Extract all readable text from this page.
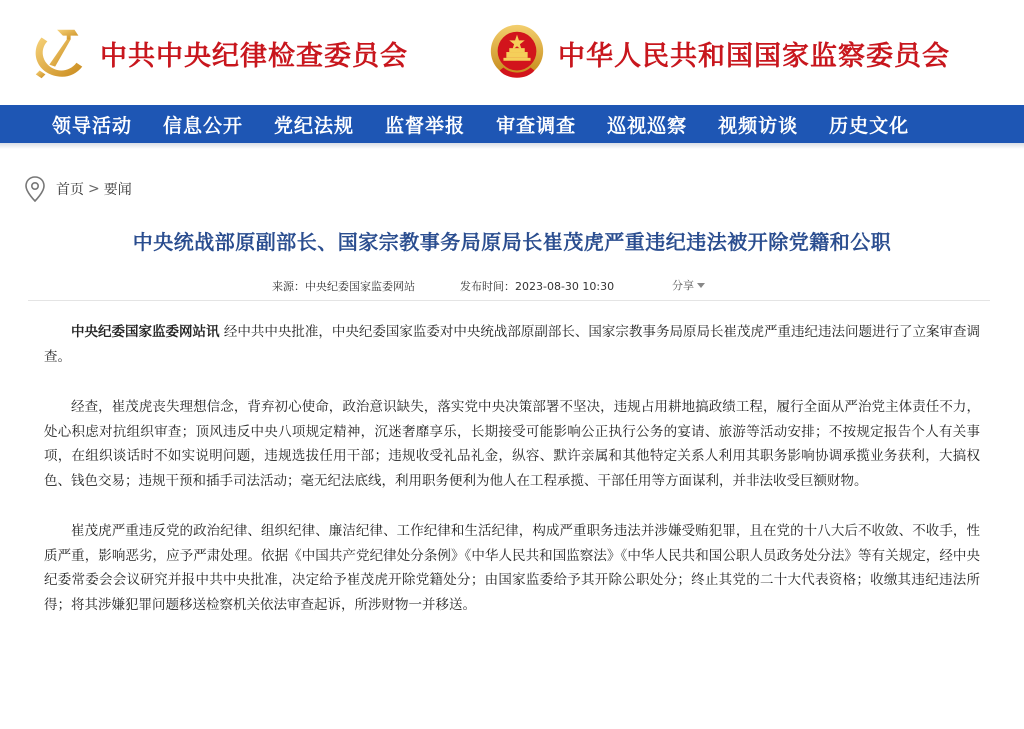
中共中央纪律检查委员会	中华人民共和国国家监察委员会
领导活动 信息公开 党纪法规 监督举报 审查调查 巡视巡察 视频访谈 历史文化
首页 > 要闻
中央统战部原副部长、国家宗教事务局原局长崔茂虎严重违纪违法被开除党籍和公职
来源：中央纪委国家监委网站	发布时间：2023-08-30 10:30	分享

中央纪委国家监委网站讯 经中共中央批准，中央纪委国家监委对中央统战部原副部长、国家宗教事务局原局长崔茂虎严重违纪违法问题进行了立案审查调查。

经查，崔茂虎丧失理想信念，背弃初心使命，政治意识缺失，落实党中央决策部署不坚决，违规占用耕地搞政绩工程，履行全面从严治党主体责任不力，处心积虑对抗组织审查；顶风违反中央八项规定精神，沉迷奢靡享乐，长期接受可能影响公正执行公务的宴请、旅游等活动安排；不按规定报告个人有关事项，在组织谈话时不如实说明问题，违规选拔任用干部；违规收受礼品礼金，纵容、默许亲属和其他特定关系人利用其职务影响协调承揽业务获利，大搞权色、钱色交易；违规干预和插手司法活动；毫无纪法底线，利用职务便利为他人在工程承揽、干部任用等方面谋利，并非法收受巨额财物。

崔茂虎严重违反党的政治纪律、组织纪律、廉洁纪律、工作纪律和生活纪律，构成严重职务违法并涉嫌受贿犯罪，且在党的十八大后不收敛、不收手，性质严重，影响恶劣，应予严肃处理。依据《中国共产党纪律处分条例》《中华人民共和国监察法》《中华人民共和国公职人员政务处分法》等有关规定，经中央纪委常委会会议研究并报中共中央批准，决定给予崔茂虎开除党籍处分；由国家监委给予其开除公职处分；终止其党的二十大代表资格；收缴其违纪违法所得；将其涉嫌犯罪问题移送检察机关依法审查起诉，所涉财物一并移送。
